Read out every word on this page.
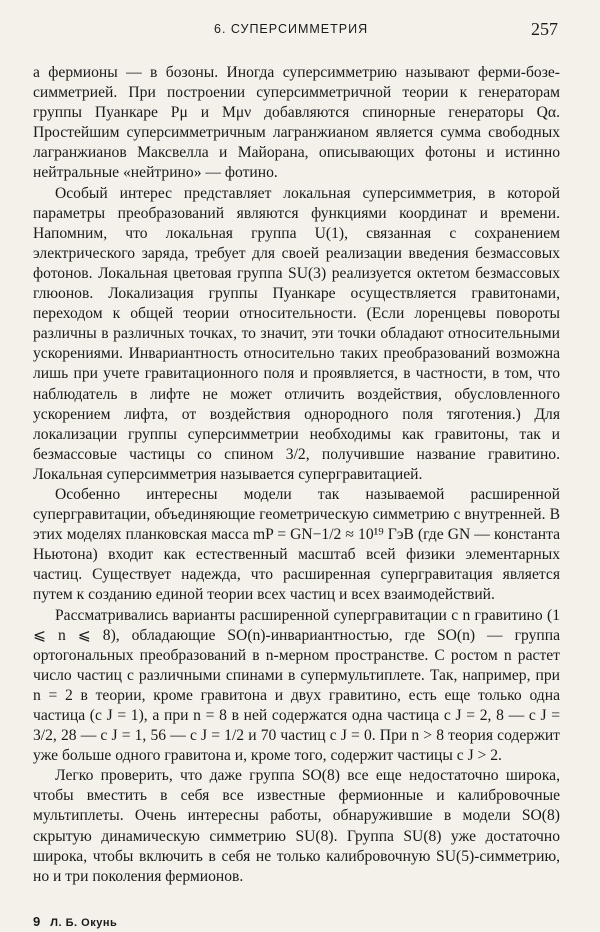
6. СУПЕРСИММЕТРИЯ	257

а фермионы — в бозоны. Иногда суперсимметрию называют ферми-бозе-симметрией. При построении суперсимметричной теории к генераторам группы Пуанкаре Pμ и Mμν добавляются спинорные генераторы Qα. Простейшим суперсимметричным лагранжианом является сумма свободных лагранжианов Максвелла и Майорана, описывающих фотоны и истинно нейтральные «нейтрино» — фотино.

Особый интерес представляет локальная суперсимметрия, в которой параметры преобразований являются функциями координат и времени. Напомним, что локальная группа U(1), связанная с сохранением электрического заряда, требует для своей реализации введения безмассовых фотонов. Локальная цветовая группа SU(3) реализуется октетом безмассовых глюонов. Локализация группы Пуанкаре осуществляется гравитонами, переходом к общей теории относительности. (Если лоренцевы повороты различны в различных точках, то значит, эти точки обладают относительными ускорениями. Инвариантность относительно таких преобразований возможна лишь при учете гравитационного поля и проявляется, в частности, в том, что наблюдатель в лифте не может отличить воздействия, обусловленного ускорением лифта, от воздействия однородного поля тяготения.) Для локализации группы суперсимметрии необходимы как гравитоны, так и безмассовые частицы со спином 3/2, получившие название гравитино. Локальная суперсимметрия называется супергравитацией.

Особенно интересны модели так называемой расширенной супергравитации, объединяющие геометрическую симметрию с внутренней. В этих моделях планковская масса mP = GN−1/2 ≈ 10¹⁹ ГэВ (где GN — константа Ньютона) входит как естественный масштаб всей физики элементарных частиц. Существует надежда, что расширенная супергравитация является путем к созданию единой теории всех частиц и всех взаимодействий.

Рассматривались варианты расширенной супергравитации с n гравитино (1 ⩽ n ⩽ 8), обладающие SO(n)-инвариантностью, где SO(n) — группа ортогональных преобразований в n-мерном пространстве. С ростом n растет число частиц с различными спинами в супермультиплете. Так, например, при n = 2 в теории, кроме гравитона и двух гравитино, есть еще только одна частица (с J = 1), а при n = 8 в ней содержатся одна частица с J = 2, 8 — с J = 3/2, 28 — с J = 1, 56 — с J = 1/2 и 70 частиц с J = 0. При n > 8 теория содержит уже больше одного гравитона и, кроме того, содержит частицы с J > 2.

Легко проверить, что даже группа SO(8) все еще недостаточно широка, чтобы вместить в себя все известные фермионные и калибровочные мультиплеты. Очень интересны работы, обнаружившие в модели SO(8) скрытую динамическую симметрию SU(8). Группа SU(8) уже достаточно широка, чтобы включить в себя не только калибровочную SU(5)-симметрию, но и три поколения фермионов.

9 Л. Б. Окунь
